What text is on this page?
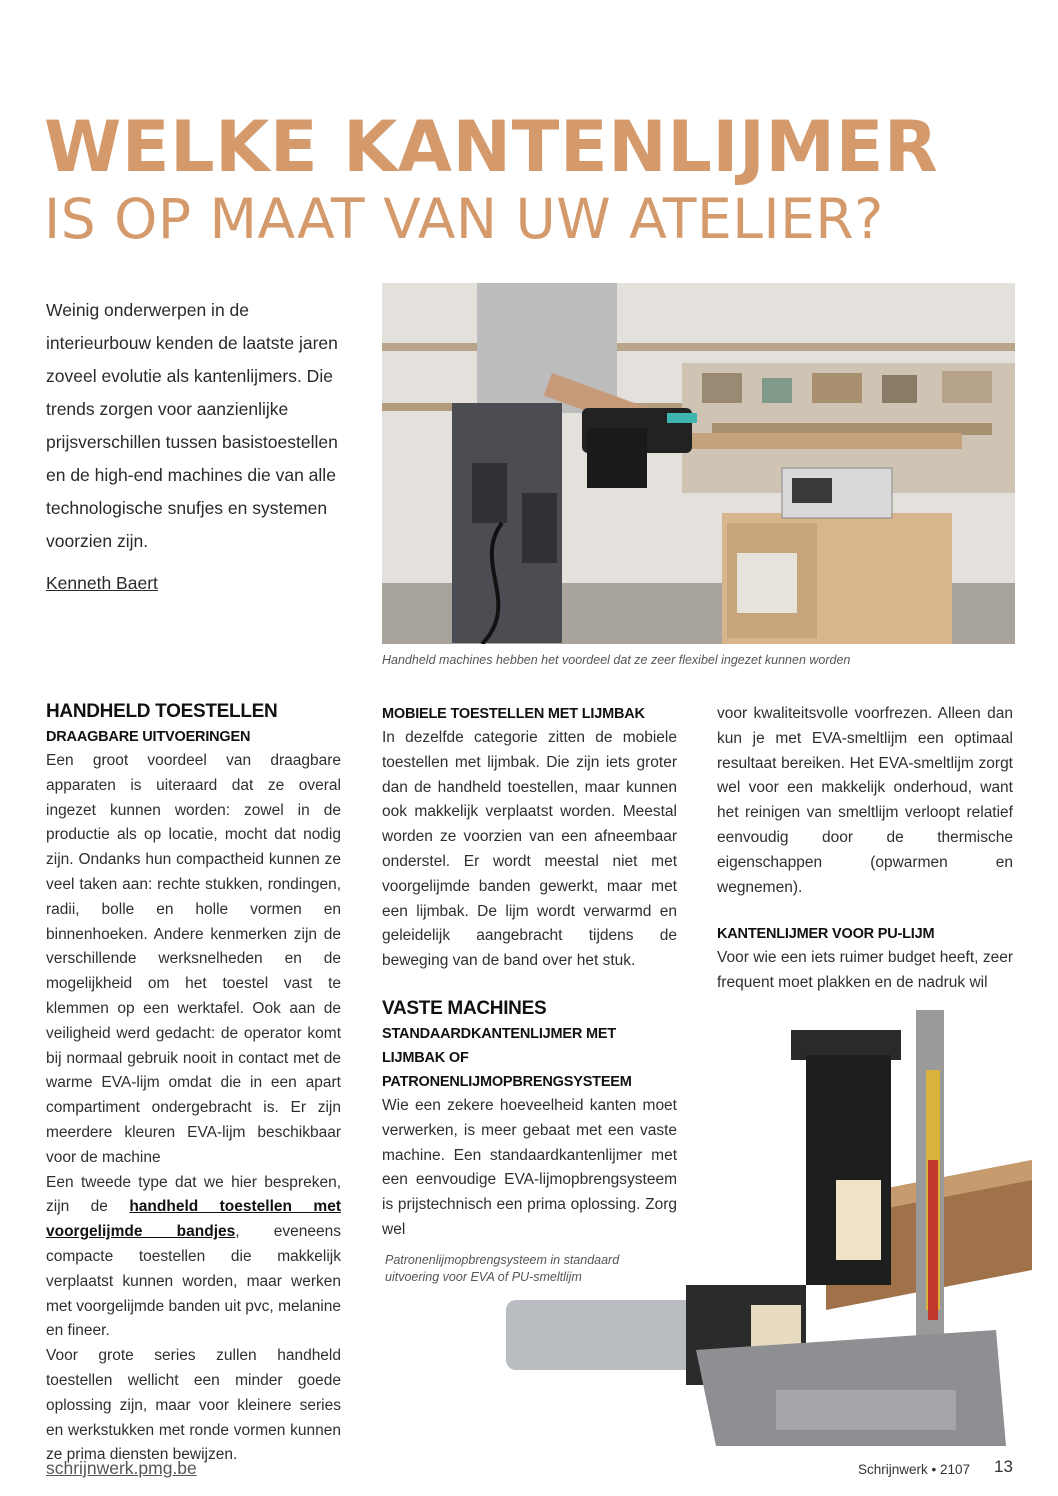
WELKE KANTENLIJMER
IS OP MAAT VAN UW ATELIER?

Weinig onderwerpen in de interieurbouw kenden de laatste jaren zoveel evolutie als kantenlijmers. Die trends zorgen voor aanzienlijke prijsverschillen tussen basistoestellen en de high-end machines die van alle technologische snufjes en systemen voorzien zijn.

Kenneth Baert

Handheld machines hebben het voordeel dat ze zeer flexibel ingezet kunnen worden

HANDHELD TOESTELLEN
DRAAGBARE UITVOERINGEN

Een groot voordeel van draagbare apparaten is uiteraard dat ze overal ingezet kunnen worden: zowel in de productie als op locatie, mocht dat nodig zijn. Ondanks hun compactheid kunnen ze veel taken aan: rechte stukken, rondingen, radii, bolle en holle vormen en binnenhoeken. Andere kenmerken zijn de verschillende werksnelheden en de mogelijkheid om het toestel vast te klemmen op een werktafel. Ook aan de veiligheid werd gedacht: de operator komt bij normaal gebruik nooit in contact met de warme EVA-lijm omdat die in een apart compartiment ondergebracht is. Er zijn meerdere kleuren EVA-lijm beschikbaar voor de machine

Een tweede type dat we hier bespreken, zijn de handheld toestellen met voorgelijmde bandjes, eveneens compacte toestellen die makkelijk verplaatst kunnen worden, maar werken met voorgelijmde banden uit pvc, melanine en fineer.

Voor grote series zullen handheld toestellen wellicht een minder goede oplossing zijn, maar voor kleinere series en werkstukken met ronde vormen kunnen ze prima diensten bewijzen.

MOBIELE TOESTELLEN MET LIJMBAK

In dezelfde categorie zitten de mobiele toestellen met lijmbak. Die zijn iets groter dan de handheld toestellen, maar kunnen ook makkelijk verplaatst worden. Meestal worden ze voorzien van een afneembaar onderstel. Er wordt meestal niet met voorgelijmde banden gewerkt, maar met een lijmbak. De lijm wordt verwarmd en geleidelijk aangebracht tijdens de beweging van de band over het stuk.

VASTE MACHINES
STANDAARDKANTENLIJMER MET LIJMBAK OF PATRONENLIJMOPBRENGSYSTEEM

Wie een zekere hoeveelheid kanten moet verwerken, is meer gebaat met een vaste machine. Een standaardkantenlijmer met een eenvoudige EVA-lijmopbrengsysteem is prijstechnisch een prima oplossing. Zorg wel

voor kwaliteitsvolle voorfrezen. Alleen dan kun je met EVA-smeltlijm een optimaal resultaat bereiken. Het EVA-smeltlijm zorgt wel voor een makkelijk onderhoud, want het reinigen van smeltlijm verloopt relatief eenvoudig door de thermische eigenschappen (opwarmen en wegnemen).

KANTENLIJMER VOOR PU-LIJM

Voor wie een iets ruimer budget heeft, zeer frequent moet plakken en de nadruk wil

Patronenlijmopbrengsysteem in standaard uitvoering voor EVA of PU-smeltlijm

schrijnwerk.pmg.be	Schrijnwerk • 2107 13
